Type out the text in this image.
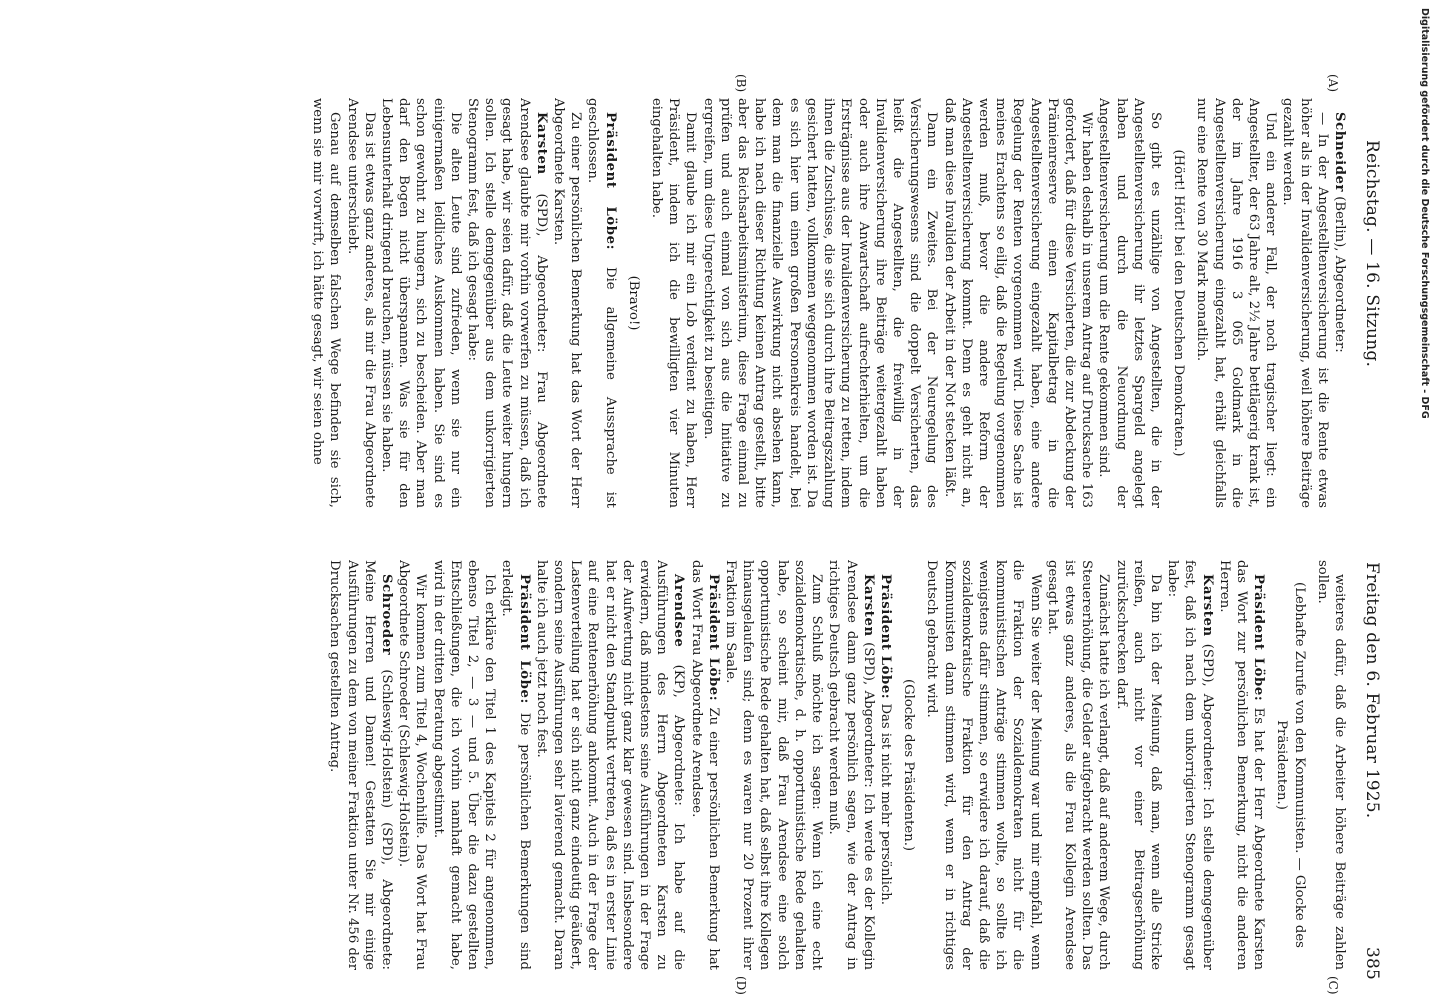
Reichstag. — 16. Sitzung.
Freitag den 6. Februar 1925.
385
(A)
(B)
(C)
(D)

Schneider (Berlin), Abgeordneter:

— In der Angestelltenversicherung ist die Rente etwas höher als in der Invalidenversicherung, weil höhere Beiträge gezahlt werden.

Und ein anderer Fall, der noch tragischer liegt: ein Angestellter, der 63 Jahre alt, 2½ Jahre bettlägerig krank ist, der im Jahre 1916 3 065 Goldmark in die Angestelltenversicherung eingezahlt hat, erhält gleichfalls nur eine Rente von 30 Mark monatlich.

(Hört! Hört! bei den Deutschen Demokraten.)

So gibt es unzählige von Angestellten, die in der Angestelltenversicherung ihr letztes Spargeld angelegt haben und durch die Neuordnung der Angestelltenversicherung um die Rente gekommen sind.

Wir haben deshalb in unserem Antrag auf Drucksache 163 gefordert, daß für diese Versicherten, die zur Abdeckung der Prämienreserve einen Kapitalbetrag in die Angestelltenversicherung eingezahlt haben, eine andere Regelung der Renten vorgenommen wird. Diese Sache ist meines Erachtens so eilig, daß die Regelung vorgenommen werden muß, bevor die andere Reform der Angestelltenversicherung kommt. Denn es geht nicht an, daß man diese Invaliden der Arbeit in der Not stecken läßt.

Dann ein Zweites. Bei der Neuregelung des Versicherungswesens sind die doppelt Versicherten, das heißt die Angestellten, die freiwillig in der Invalidenversicherung ihre Beiträge weitergezahlt haben oder auch ihre Anwartschaft aufrechterhielten, um die Ersträgnisse aus der Invalidenversicherung zu retten, indem ihnen die Zuschüsse, die sie sich durch ihre Beitragszahlung gesichert hatten, vollkommen weggenommen worden ist. Da es sich hier um einen großen Personenkreis handelt, bei dem man die finanzielle Auswirkung nicht absehen kann, habe ich nach dieser Richtung keinen Antrag gestellt, bitte aber das Reichsarbeitsministerium, diese Frage einmal zu prüfen und auch einmal von sich aus die Initiative zu ergreifen, um diese Ungerechtigkeit zu beseitigen.

Damit glaube ich mir ein Lob verdient zu haben, Herr Präsident, indem ich die bewilligten vier Minuten eingehalten habe.

(Bravo!)

Präsident Löbe: Die allgemeine Aussprache ist geschlossen.

Zu einer persönlichen Bemerkung hat das Wort der Herr Abgeordnete Karsten.

Karsten (SPD), Abgeordneter: Frau Abgeordnete Arendsee glaubte mir vorhin vorwerfen zu müssen, daß ich gesagt habe, wir seien dafür, daß die Leute weiter hungern sollen. Ich stelle demgegenüber aus dem unkorrigierten Stenogramm fest, daß ich gesagt habe:

Die alten Leute sind zufrieden, wenn sie nur ein einigermaßen leidliches Auskommen haben. Sie sind es schon gewohnt zu hungern, sich zu bescheiden. Aber man darf den Bogen nicht überspannen. Was sie für den Lebensunterhalt dringend brauchen, müssen sie haben.

Das ist etwas ganz anderes, als mir die Frau Abgeordnete Arendsee unterschiebt.

Genau auf demselben falschen Wege befinden sie sich, wenn sie mir vorwirft, ich hätte gesagt, wir seien ohne

weiteres dafür, daß die Arbeiter höhere Beiträge zahlen sollen.

(Lebhafte Zurufe von den Kommunisten. — Glocke des Präsidenten.)

Präsident Löbe: Es hat der Herr Abgeordnete Karsten das Wort zur persönlichen Bemerkung, nicht die anderen Herren.

Karsten (SPD), Abgeordneter: Ich stelle demgegenüber fest, daß ich nach dem unkorrigierten Stenogramm gesagt habe:

Da bin ich der Meinung, daß man, wenn alle Stricke reißen, auch nicht vor einer Beitragserhöhung zurückschrecken darf.

Zunächst hatte ich verlangt, daß auf anderem Wege, durch Steuererhöhung, die Gelder aufgebracht werden sollten. Das ist etwas ganz anderes, als die Frau Kollegin Arendsee gesagt hat.

Wenn Sie weiter der Meinung war und mir empfahl, wenn die Fraktion der Sozialdemokraten nicht für die kommunistischen Anträge stimmen wollte, so sollte ich wenigstens dafür stimmen, so erwidere ich darauf, daß die sozialdemokratische Fraktion für den Antrag der Kommunisten dann stimmen wird, wenn er in richtiges Deutsch gebracht wird.

(Glocke des Präsidenten.)

Präsident Löbe: Das ist nicht mehr persönlich.

Karsten (SPD), Abgeordneter: Ich werde es der Kollegin Arendsee dann ganz persönlich sagen, wie der Antrag in richtiges Deutsch gebracht werden muß.

Zum Schluß möchte ich sagen: Wenn ich eine echt sozialdemokratische, d. h. opportunistische Rede gehalten habe, so scheint mir, daß Frau Arendsee eine solch opportunistische Rede gehalten hat, daß selbst ihre Kollegen hinausgelaufen sind; denn es waren nur 20 Prozent ihrer Fraktion im Saale.

Präsident Löbe: Zu einer persönlichen Bemerkung hat das Wort Frau Abgeordnete Arendsee.

Arendsee (KP), Abgeordnete: Ich habe auf die Ausführungen des Herrn Abgeordneten Karsten zu erwidern, daß mindestens seine Ausführungen in der Frage der Aufwertung nicht ganz klar gewesen sind. Insbesondere hat er nicht den Standpunkt vertreten, daß es in erster Linie auf eine Rentenerhöhung ankommt. Auch in der Frage der Lastenverteilung hat er sich nicht ganz eindeutig geäußert, sondern seine Ausführungen sehr lavierend gemacht. Daran halte ich auch jetzt noch fest.

Präsident Löbe: Die persönlichen Bemerkungen sind erledigt.

Ich erkläre den Titel 1 des Kapitels 2 für angenommen, ebenso Titel 2, — 3 — und 5. Über die dazu gestellten Entschließungen, die ich vorhin namhaft gemacht habe, wird in der dritten Beratung abgestimmt.

Wir kommen zum Titel 4, Wochenhilfe. Das Wort hat Frau Abgeordnete Schroeder (Schleswig-Holstein).

Schroeder (Schleswig-Holstein) (SPD), Abgeordnete: Meine Herren und Damen! Gestatten Sie mir einige Ausführungen zu dem von meiner Fraktion unter Nr. 456 der Drucksachen gestellten Antrag.

Digitalisierung gefördert durch die Deutsche Forschungsgemeinschaft - DFG
